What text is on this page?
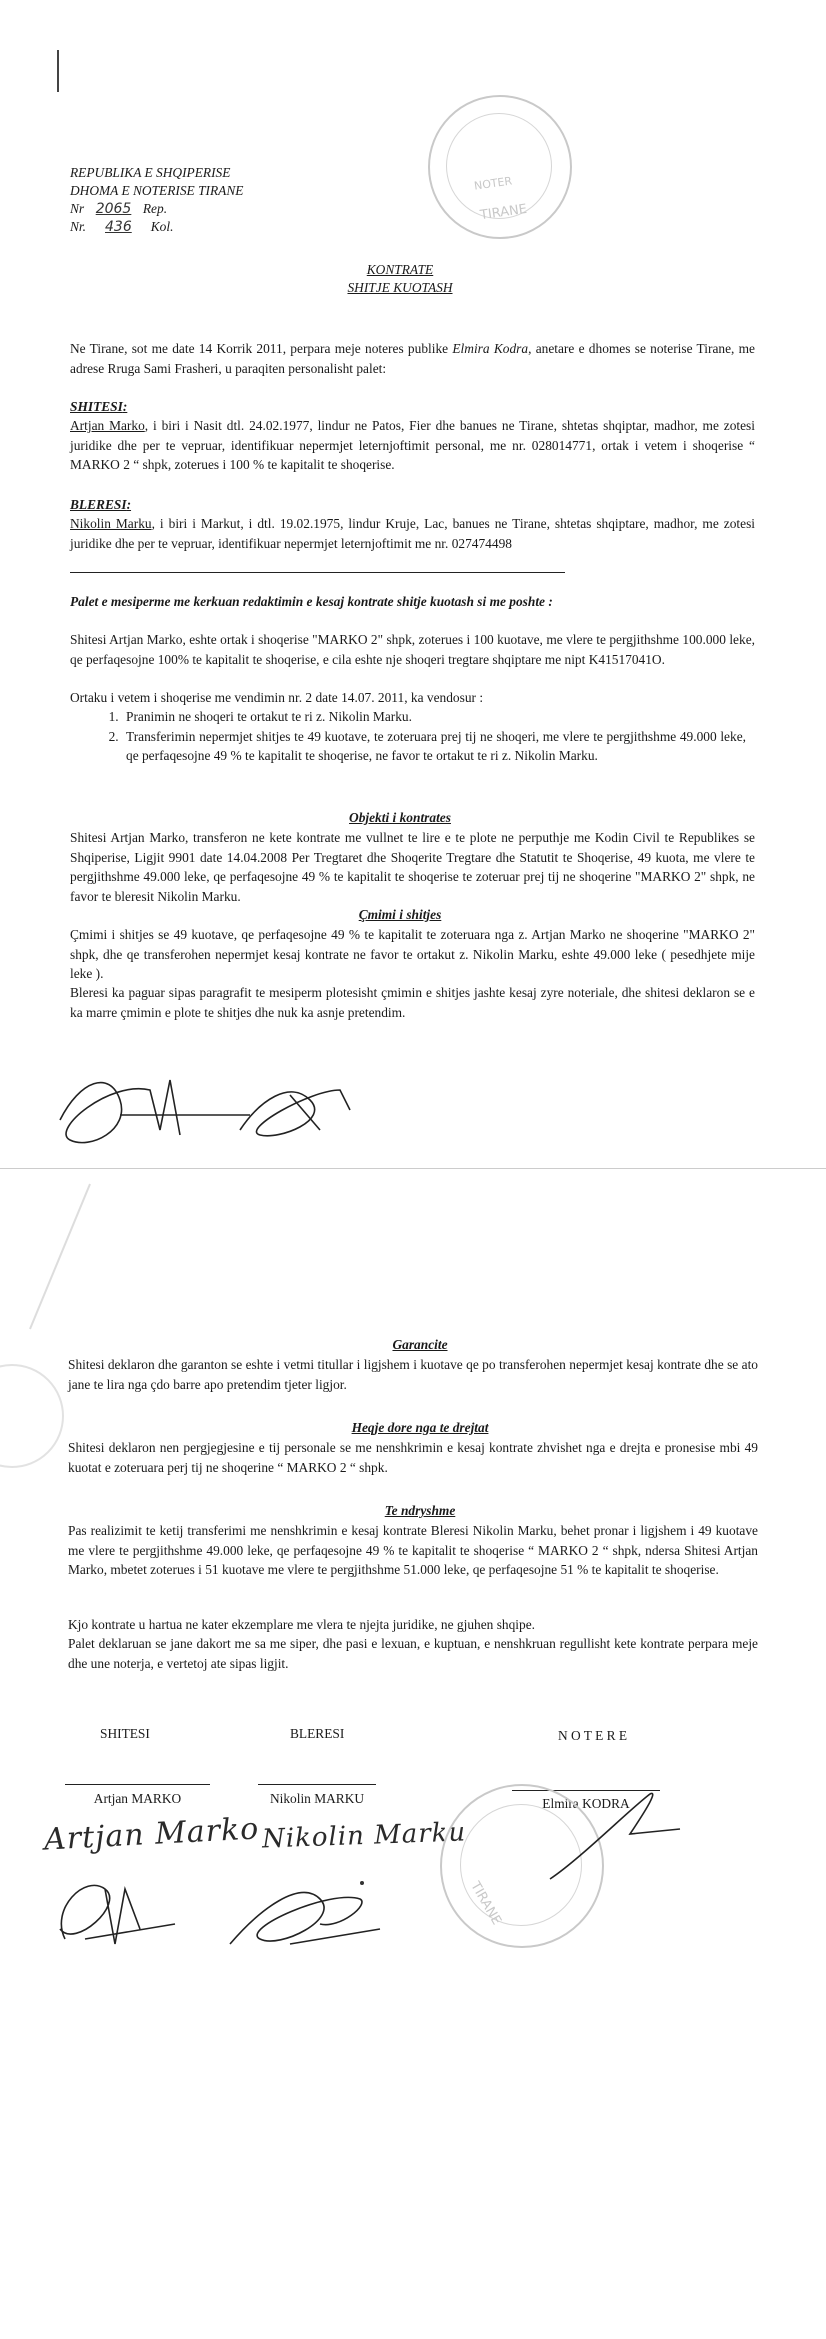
NOTER
TIRANE
REPUBLIKA E SHQIPERISE
DHOMA E NOTERISE TIRANE
Nr 2065 Rep.
Nr. 436 Kol.
KONTRATE
SHITJE KUOTASH
Ne Tirane, sot me date 14 Korrik 2011, perpara meje noteres publike Elmira Kodra, anetare e dhomes se noterise Tirane, me adrese Rruga Sami Frasheri, u paraqiten personalisht palet:
SHITESI:
Artjan Marko, i biri i Nasit dtl. 24.02.1977, lindur ne Patos, Fier dhe banues ne Tirane, shtetas shqiptar, madhor, me zotesi juridike dhe per te vepruar, identifikuar nepermjet leternjoftimit personal, me nr. 028014771, ortak i vetem i shoqerise “ MARKO 2 “ shpk, zoterues i 100 % te kapitalit te shoqerise.
BLERESI:
Nikolin Marku, i biri i Markut, i dtl. 19.02.1975, lindur Kruje, Lac, banues ne Tirane, shtetas shqiptare, madhor, me zotesi juridike dhe per te vepruar, identifikuar nepermjet leternjoftimit me nr. 027474498
Palet e mesiperme me kerkuan redaktimin e kesaj kontrate shitje kuotash si me poshte :
Shitesi Artjan Marko, eshte ortak i shoqerise "MARKO 2" shpk, zoterues i 100 kuotave, me vlere te pergjithshme 100.000 leke, qe perfaqesojne 100% te kapitalit te shoqerise, e cila eshte nje shoqeri tregtare shqiptare me nipt K41517041O.
Ortaku i vetem i shoqerise me vendimin nr. 2 date 14.07. 2011, ka vendosur :
1. Pranimin ne shoqeri te ortakut te ri z. Nikolin Marku.
2. Transferimin nepermjet shitjes te 49 kuotave, te zoteruara prej tij ne shoqeri, me vlere te pergjithshme 49.000 leke, qe perfaqesojne 49 % te kapitalit te shoqerise, ne favor te ortakut te ri z. Nikolin Marku.
Objekti i kontrates
Shitesi Artjan Marko, transferon ne kete kontrate me vullnet te lire e te plote ne perputhje me Kodin Civil te Republikes se Shqiperise, Ligjit 9901 date 14.04.2008 Per Tregtaret dhe Shoqerite Tregtare dhe Statutit te Shoqerise, 49 kuota, me vlere te pergjithshme 49.000 leke, qe perfaqesojne 49 % te kapitalit te shoqerise te zoteruar prej tij ne shoqerine "MARKO 2" shpk, ne favor te bleresit Nikolin Marku.
Çmimi i shitjes
Çmimi i shitjes se 49 kuotave, qe perfaqesojne 49 % te kapitalit te zoteruara nga z. Artjan Marko ne shoqerine "MARKO 2" shpk, dhe qe transferohen nepermjet kesaj kontrate ne favor te ortakut z. Nikolin Marku, eshte 49.000 leke ( pesedhjete mije leke ).
Bleresi ka paguar sipas paragrafit te mesiperm plotesisht çmimin e shitjes jashte kesaj zyre noteriale, dhe shitesi deklaron se e ka marre çmimin e plote te shitjes dhe nuk ka asnje pretendim.
Garancite
Shitesi deklaron dhe garanton se eshte i vetmi titullar i ligjshem i kuotave qe po transferohen nepermjet kesaj kontrate dhe se ato jane te lira nga çdo barre apo pretendim tjeter ligjor.
Heqje dore nga te drejtat
Shitesi deklaron nen pergjegjesine e tij personale se me nenshkrimin e kesaj kontrate zhvishet nga e drejta e pronesise mbi 49 kuotat e zoteruara perj tij ne shoqerine “ MARKO 2 “ shpk.
Te ndryshme
Pas realizimit te ketij transferimi me nenshkrimin e kesaj kontrate Bleresi Nikolin Marku, behet pronar i ligjshem i 49 kuotave me vlere te pergjithshme 49.000 leke, qe perfaqesojne 49 % te kapitalit te shoqerise “ MARKO 2 “ shpk, ndersa Shitesi Artjan Marko, mbetet zoterues i 51 kuotave me vlere te pergjithshme 51.000 leke, qe perfaqesojne 51 % te kapitalit te shoqerise.
Kjo kontrate u hartua ne kater ekzemplare me vlera te njejta juridike, ne gjuhen shqipe.
Palet deklaruan se jane dakort me sa me siper, dhe pasi e lexuan, e kuptuan, e nenshkruan regullisht kete kontrate perpara meje dhe une noterja, e vertetoj ate sipas ligjit.
SHITESI	BLERESI	N O T E R E
Artjan MARKO	Nikolin MARKU	Elmira KODRA
Artjan Marko Nikolin Marku
TIRANE
